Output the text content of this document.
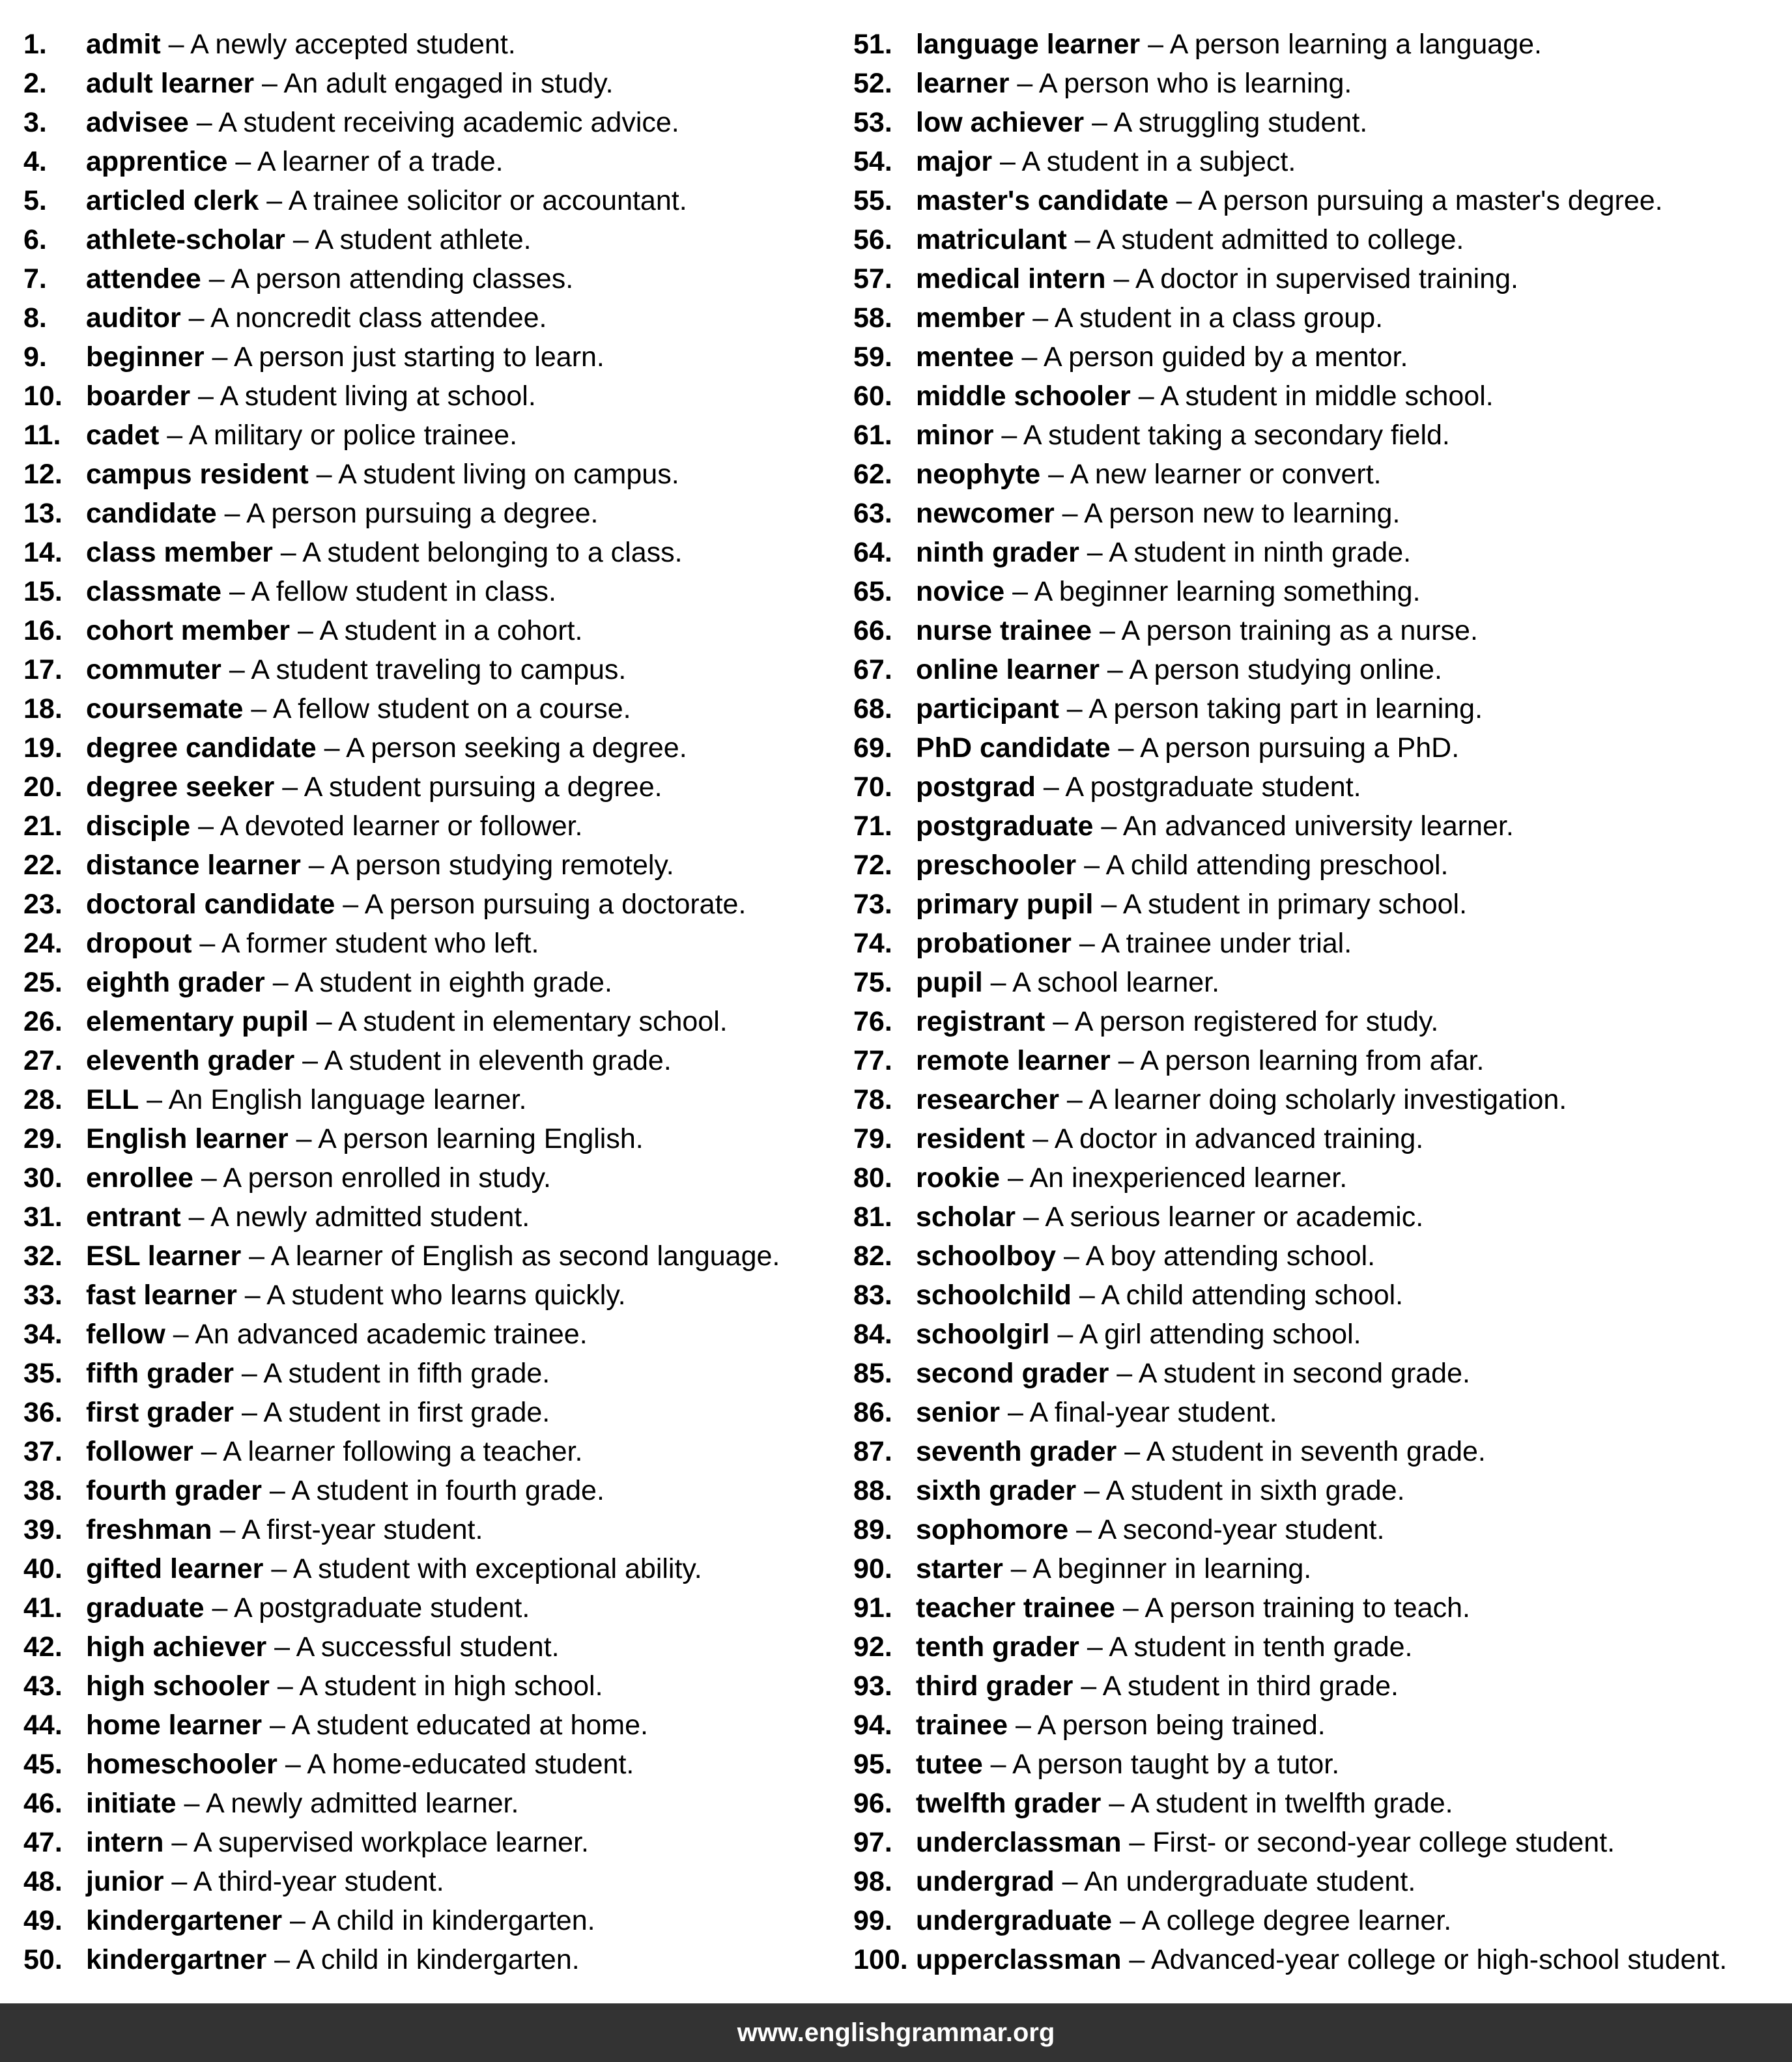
1. admit – A newly accepted student.
2. adult learner – An adult engaged in study.
3. advisee – A student receiving academic advice.
4. apprentice – A learner of a trade.
5. articled clerk – A trainee solicitor or accountant.
6. athlete-scholar – A student athlete.
7. attendee – A person attending classes.
8. auditor – A noncredit class attendee.
9. beginner – A person just starting to learn.
10. boarder – A student living at school.
11. cadet – A military or police trainee.
12. campus resident – A student living on campus.
13. candidate – A person pursuing a degree.
14. class member – A student belonging to a class.
15. classmate – A fellow student in class.
16. cohort member – A student in a cohort.
17. commuter – A student traveling to campus.
18. coursemate – A fellow student on a course.
19. degree candidate – A person seeking a degree.
20. degree seeker – A student pursuing a degree.
21. disciple – A devoted learner or follower.
22. distance learner – A person studying remotely.
23. doctoral candidate – A person pursuing a doctorate.
24. dropout – A former student who left.
25. eighth grader – A student in eighth grade.
26. elementary pupil – A student in elementary school.
27. eleventh grader – A student in eleventh grade.
28. ELL – An English language learner.
29. English learner – A person learning English.
30. enrollee – A person enrolled in study.
31. entrant – A newly admitted student.
32. ESL learner – A learner of English as second language.
33. fast learner – A student who learns quickly.
34. fellow – An advanced academic trainee.
35. fifth grader – A student in fifth grade.
36. first grader – A student in first grade.
37. follower – A learner following a teacher.
38. fourth grader – A student in fourth grade.
39. freshman – A first-year student.
40. gifted learner – A student with exceptional ability.
41. graduate – A postgraduate student.
42. high achiever – A successful student.
43. high schooler – A student in high school.
44. home learner – A student educated at home.
45. homeschooler – A home-educated student.
46. initiate – A newly admitted learner.
47. intern – A supervised workplace learner.
48. junior – A third-year student.
49. kindergartener – A child in kindergarten.
50. kindergartner – A child in kindergarten.
51. language learner – A person learning a language.
52. learner – A person who is learning.
53. low achiever – A struggling student.
54. major – A student in a subject.
55. master's candidate – A person pursuing a master's degree.
56. matriculant – A student admitted to college.
57. medical intern – A doctor in supervised training.
58. member – A student in a class group.
59. mentee – A person guided by a mentor.
60. middle schooler – A student in middle school.
61. minor – A student taking a secondary field.
62. neophyte – A new learner or convert.
63. newcomer – A person new to learning.
64. ninth grader – A student in ninth grade.
65. novice – A beginner learning something.
66. nurse trainee – A person training as a nurse.
67. online learner – A person studying online.
68. participant – A person taking part in learning.
69. PhD candidate – A person pursuing a PhD.
70. postgrad – A postgraduate student.
71. postgraduate – An advanced university learner.
72. preschooler – A child attending preschool.
73. primary pupil – A student in primary school.
74. probationer – A trainee under trial.
75. pupil – A school learner.
76. registrant – A person registered for study.
77. remote learner – A person learning from afar.
78. researcher – A learner doing scholarly investigation.
79. resident – A doctor in advanced training.
80. rookie – An inexperienced learner.
81. scholar – A serious learner or academic.
82. schoolboy – A boy attending school.
83. schoolchild – A child attending school.
84. schoolgirl – A girl attending school.
85. second grader – A student in second grade.
86. senior – A final-year student.
87. seventh grader – A student in seventh grade.
88. sixth grader – A student in sixth grade.
89. sophomore – A second-year student.
90. starter – A beginner in learning.
91. teacher trainee – A person training to teach.
92. tenth grader – A student in tenth grade.
93. third grader – A student in third grade.
94. trainee – A person being trained.
95. tutee – A person taught by a tutor.
96. twelfth grader – A student in twelfth grade.
97. underclassman – First- or second-year college student.
98. undergrad – An undergraduate student.
99. undergraduate – A college degree learner.
100. upperclassman – Advanced-year college or high-school student.
www.englishgrammar.org
